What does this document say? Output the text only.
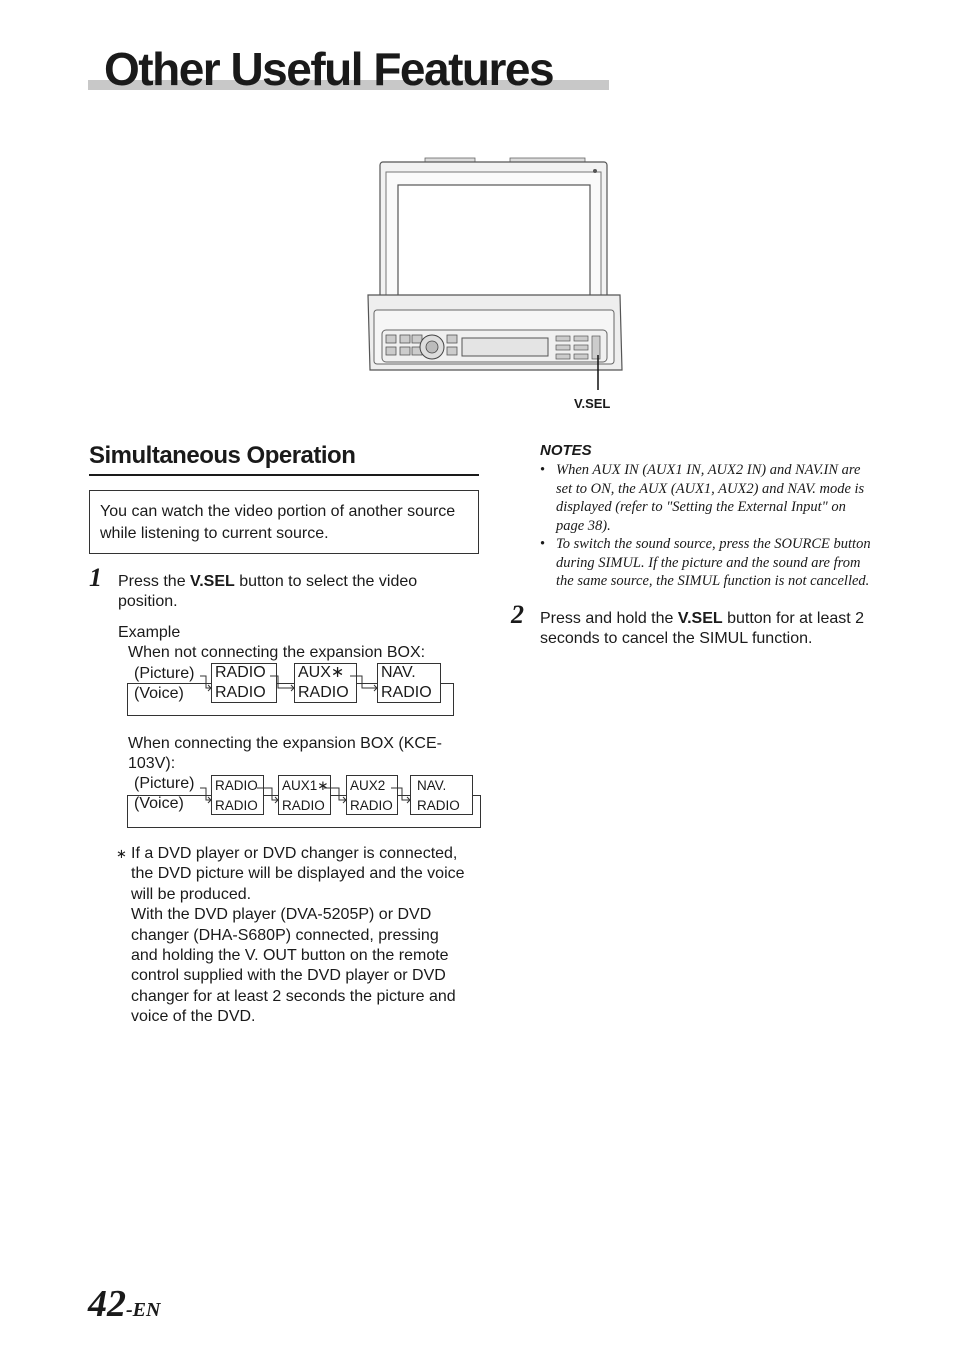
Other Useful Features
V.SEL
Simultaneous Operation
You can watch the video portion of another source while listening to current source.
1 Press the V.SEL button to select the video position.
Example
When not connecting the expansion BOX:
(Picture)
(Voice)
RADIO
RADIO
AUX∗
RADIO
NAV.
RADIO
When connecting the expansion BOX (KCE-
103V):
(Picture)
(Voice)
RADIO
RADIO
AUX1∗
RADIO
AUX2
RADIO
NAV.
RADIO
∗ If a DVD player or DVD changer is connected,
the DVD picture will be displayed and the voice
will be produced.
With the DVD player (DVA-5205P) or DVD
changer (DHA-S680P) connected, pressing
and holding the V. OUT button on the remote
control supplied with the DVD player or DVD
changer for at least 2 seconds the picture and
voice of the DVD.
NOTES
• When AUX IN (AUX1 IN, AUX2 IN) and NAV.IN are
set to ON, the AUX (AUX1, AUX2) and NAV. mode is
displayed (refer to "Setting the External Input" on
page 38).
• To switch the sound source, press the SOURCE button
during SIMUL. If the picture and the sound are from
the same source, the SIMUL function is not cancelled.
2 Press and hold the V.SEL button for at least 2
seconds to cancel the SIMUL function.
42-EN
